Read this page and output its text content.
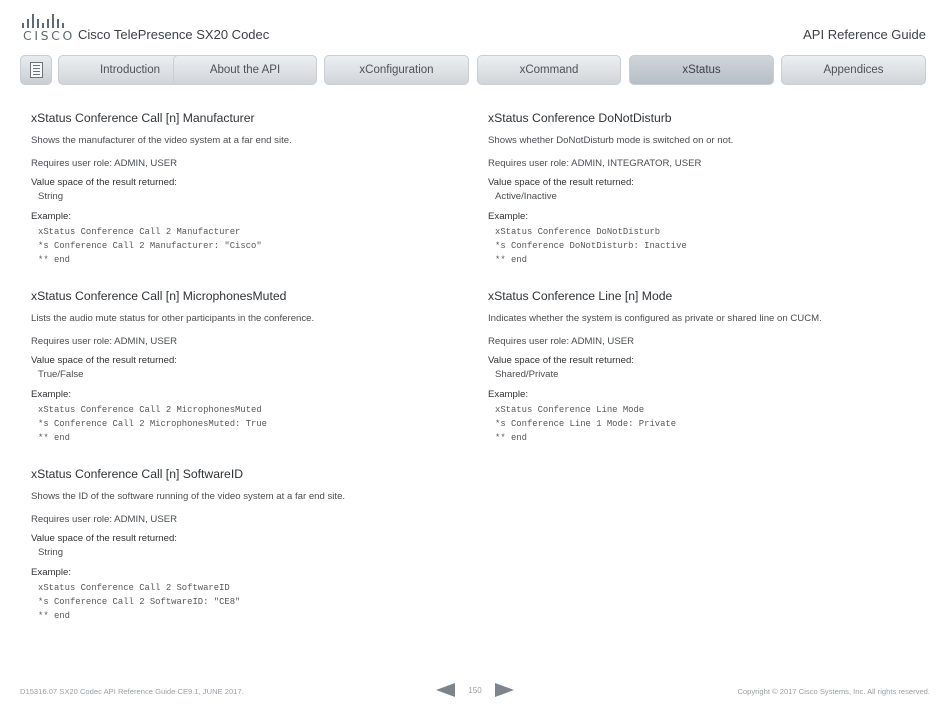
CISCO Cisco TelePresence SX20 Codec	API Reference Guide
Introduction	About the API	xConfiguration	xCommand	xStatus	Appendices
xStatus Conference Call [n] Manufacturer
Shows the manufacturer of the video system at a far end site.
Requires user role: ADMIN, USER
Value space of the result returned:
String
Example:
xStatus Conference Call 2 Manufacturer
*s Conference Call 2 Manufacturer: "Cisco"
** end
xStatus Conference Call [n] MicrophonesMuted
Lists the audio mute status for other participants in the conference.
Requires user role: ADMIN, USER
Value space of the result returned:
True/False
Example:
xStatus Conference Call 2 MicrophonesMuted
*s Conference Call 2 MicrophonesMuted: True
** end
xStatus Conference Call [n] SoftwareID
Shows the ID of the software running of the video system at a far end site.
Requires user role: ADMIN, USER
Value space of the result returned:
String
Example:
xStatus Conference Call 2 SoftwareID
*s Conference Call 2 SoftwareID: "CE8"
** end
xStatus Conference DoNotDisturb
Shows whether DoNotDisturb mode is switched on or not.
Requires user role: ADMIN, INTEGRATOR, USER
Value space of the result returned:
Active/Inactive
Example:
xStatus Conference DoNotDisturb
*s Conference DoNotDisturb: Inactive
** end
xStatus Conference Line [n] Mode
Indicates whether the system is configured as private or shared line on CUCM.
Requires user role: ADMIN, USER
Value space of the result returned:
Shared/Private
Example:
xStatus Conference Line Mode
*s Conference Line 1 Mode: Private
** end
D15316.07 SX20 Codec API Reference Guide CE9.1, JUNE 2017.	150	Copyright © 2017 Cisco Systems, Inc. All rights reserved.
